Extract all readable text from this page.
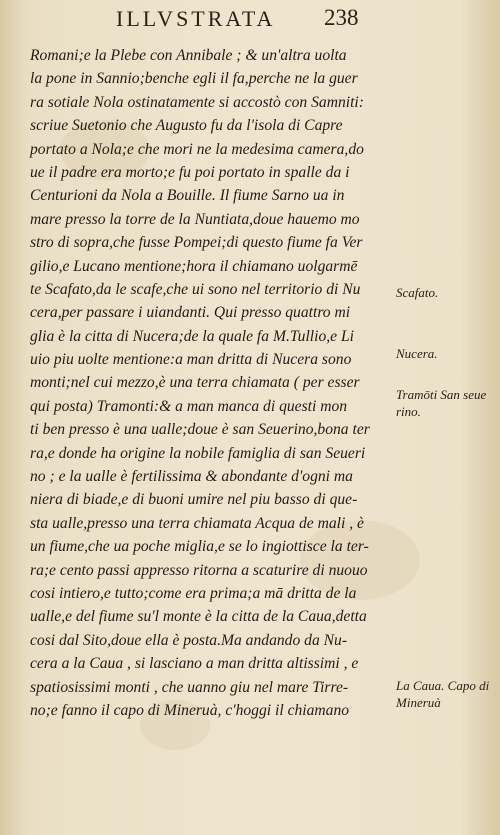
ILLVSTRATA 238
Romani;e la Plebe con Annibale ; & un'altra uolta
la pone in Sannio;benche egli il fa,perche ne la guer
ra sotiale Nola ostinatamente si accostò con Samniti:
scriue Suetonio che Augusto fu da l'isola di Capre
portato a Nola;e che mori ne la medesima camera,do
ue il padre era morto;e fu poi portato in spalle da i
Centurioni da Nola a Bouille. Il fiume Sarno ua in
mare presso la torre de la Nuntiata,doue hauemo mo
stro di sopra,che fusse Pompei;di questo fiume fa Ver
gilio,e Lucano mentione;hora il chiamano uolgarmē
te Scafato,da le scafe,che ui sono nel territorio di Nu
cera,per passare i uiandanti. Qui presso quattro mi
glia è la citta di Nucera;de la quale fa M.Tullio,e Li
uio piu uolte mentione:a man dritta di Nucera sono
monti;nel cui mezzo,è una terra chiamata ( per esser
qui posta) Tramonti:& a man manca di questi mon
ti ben presso è una ualle;doue è san Seuerino,bona ter
ra,e donde ha origine la nobile famiglia di san Seueri
no ; e la ualle è fertilissima & abondante d'ogni ma
niera di biade,e di buoni umire nel piu basso di que-
sta ualle,presso una terra chiamata Acqua de mali , è
un fiume,che ua poche miglia,e se lo ingiottisce la ter-
ra;e cento passi appresso ritorna a scaturire di nuouo
cosi intiero,e tutto;come era prima;a mā dritta de la
ualle,e del fiume su'l monte è la citta de la Caua,detta
cosi dal Sito,doue ella è posta.Ma andando da Nu-
cera a la Caua , si lasciano a man dritta altissimi , e
spatiosissimi monti , che uanno giu nel mare Tirre-
no;e fanno il capo di Mineruà, c'hoggi il chiamano
Scafato.
Nucera.
Tramōti San seue rino.
La Caua. Capo di Mineruà
